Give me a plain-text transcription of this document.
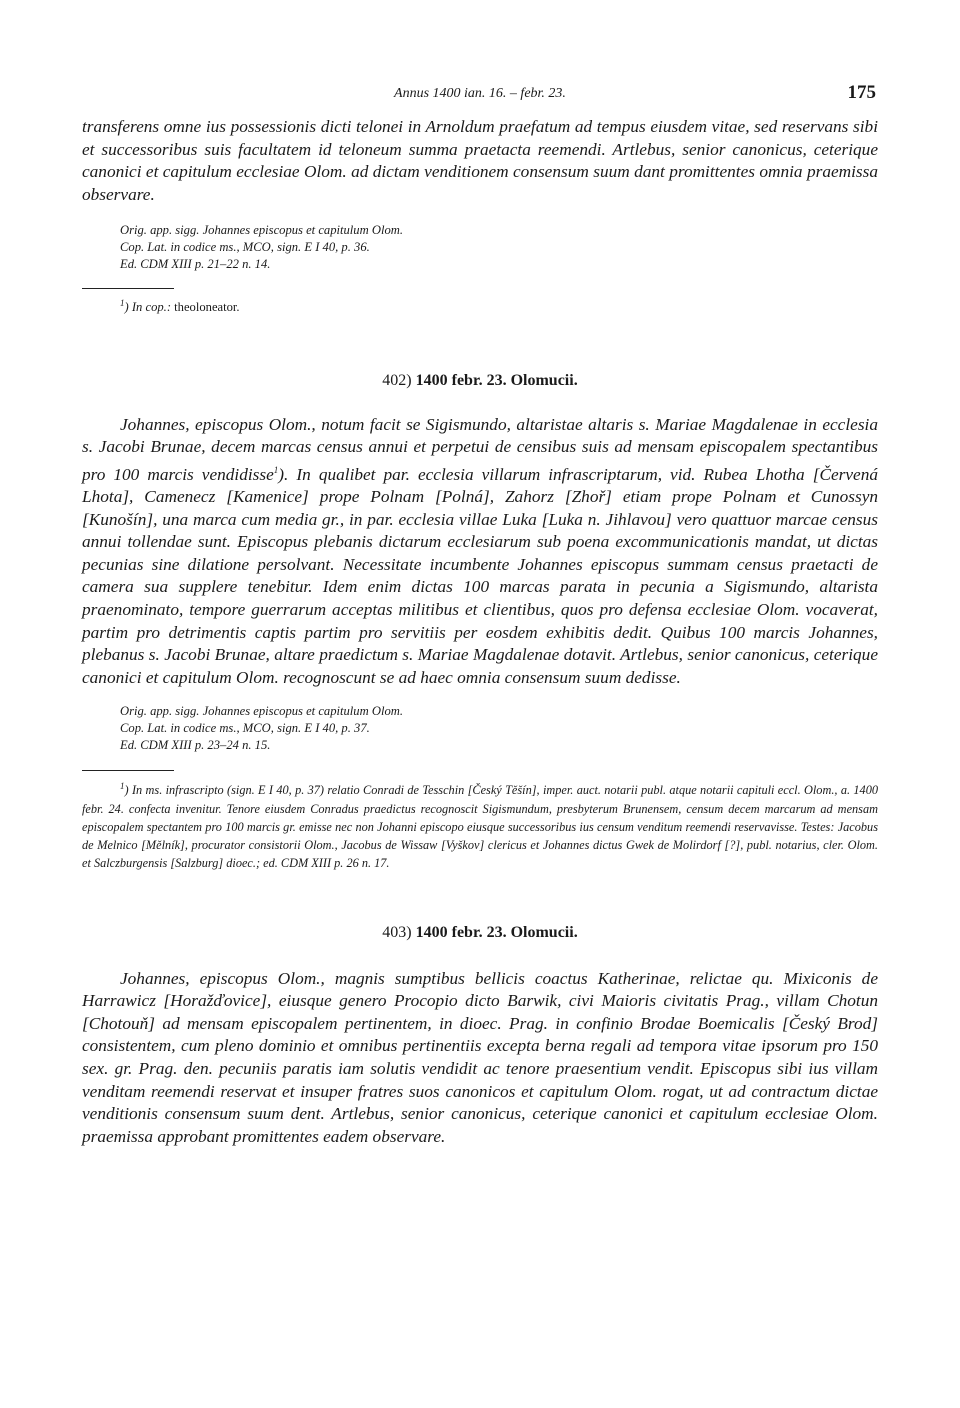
Annus 1400 ian. 16. – febr. 23.	175

transferens omne ius possessionis dicti telonei in Arnoldum praefatum ad tempus eiusdem vitae, sed reservans sibi et successoribus suis facultatem id teloneum summa praetacta reemendi. Artlebus, senior canonicus, ceterique canonici et capitulum ecclesiae Olom. ad dictam venditionem consensum suum dant promittentes omnia praemissa observare.

Orig. app. sigg. Johannes episcopus et capitulum Olom.
Cop. Lat. in codice ms., MCO, sign. E I 40, p. 36.
Ed. CDM XIII p. 21–22 n. 14.

$^1$) In cop.: theoloneator.

402) 1400 febr. 23. Olomucii.

Johannes, episcopus Olom., notum facit se Sigismundo, altaristae altaris s. Mariae Magdalenae in ecclesia s. Jacobi Brunae, decem marcas census annui et perpetui de censibus suis ad mensam episcopalem spectantibus pro 100 marcis vendidisse$^1$). In qualibet par. ecclesia villarum infrascriptarum, vid. Rubea Lhotha [Červená Lhota], Camenecz [Kamenice] prope Polnam [Polná], Zahorz [Zhoř] etiam prope Polnam et Cunossyn [Kunošín], una marca cum media gr., in par. ecclesia villae Luka [Luka n. Jihlavou] vero quattuor marcae census annui tollendae sunt. Episcopus plebanis dictarum ecclesiarum sub poena excommunicationis mandat, ut dictas pecunias sine dilatione persolvant. Necessitate incumbente Johannes episcopus summam census praetacti de camera sua supplere tenebitur. Idem enim dictas 100 marcas parata in pecunia a Sigismundo, altarista praenominato, tempore guerrarum acceptas militibus et clientibus, quos pro defensa ecclesiae Olom. vocaverat, partim pro detrimentis captis partim pro servitiis per eosdem exhibitis dedit. Quibus 100 marcis Johannes, plebanus s. Jacobi Brunae, altare praedictum s. Mariae Magdalenae dotavit. Artlebus, senior canonicus, ceterique canonici et capitulum Olom. recognoscunt se ad haec omnia consensum suum dedisse.

Orig. app. sigg. Johannes episcopus et capitulum Olom.
Cop. Lat. in codice ms., MCO, sign. E I 40, p. 37.
Ed. CDM XIII p. 23–24 n. 15.

$^1$) In ms. infrascripto (sign. E I 40, p. 37) relatio Conradi de Tesschin [Český Těšín], imper. auct. notarii publ. atque notarii capituli eccl. Olom., a. 1400 febr. 24. confecta invenitur. Tenore eiusdem Conradus praedictus recognoscit Sigismundum, presbyterum Brunensem, censum decem marcarum ad mensam episcopalem spectantem pro 100 marcis gr. emisse nec non Johanni episcopo eiusque successoribus ius censum venditum reemendi reservavisse. Testes: Jacobus de Melnico [Mělník], procurator consistorii Olom., Jacobus de Wissaw [Vyškov] clericus et Johannes dictus Gwek de Molirdorf [?], publ. notarius, cler. Olom. et Salczburgensis [Salzburg] dioec.; ed. CDM XIII p. 26 n. 17.

403) 1400 febr. 23. Olomucii.

Johannes, episcopus Olom., magnis sumptibus bellicis coactus Katherinae, relictae qu. Mixiconis de Harrawicz [Horažďovice], eiusque genero Procopio dicto Barwik, civi Maioris civitatis Prag., villam Chotun [Chotouň] ad mensam episcopalem pertinentem, in dioec. Prag. in confinio Brodae Boemicalis [Český Brod] consistentem, cum pleno dominio et omnibus pertinentiis excepta berna regali ad tempora vitae ipsorum pro 150 sex. gr. Prag. den. pecuniis paratis iam solutis vendidit ac tenore praesentium vendit. Episcopus sibi ius villam venditam reemendi reservat et insuper fratres suos canonicos et capitulum Olom. rogat, ut ad contractum dictae venditionis consensum suum dent. Artlebus, senior canonicus, ceterique canonici et capitulum ecclesiae Olom. praemissa approbant promittentes eadem observare.
